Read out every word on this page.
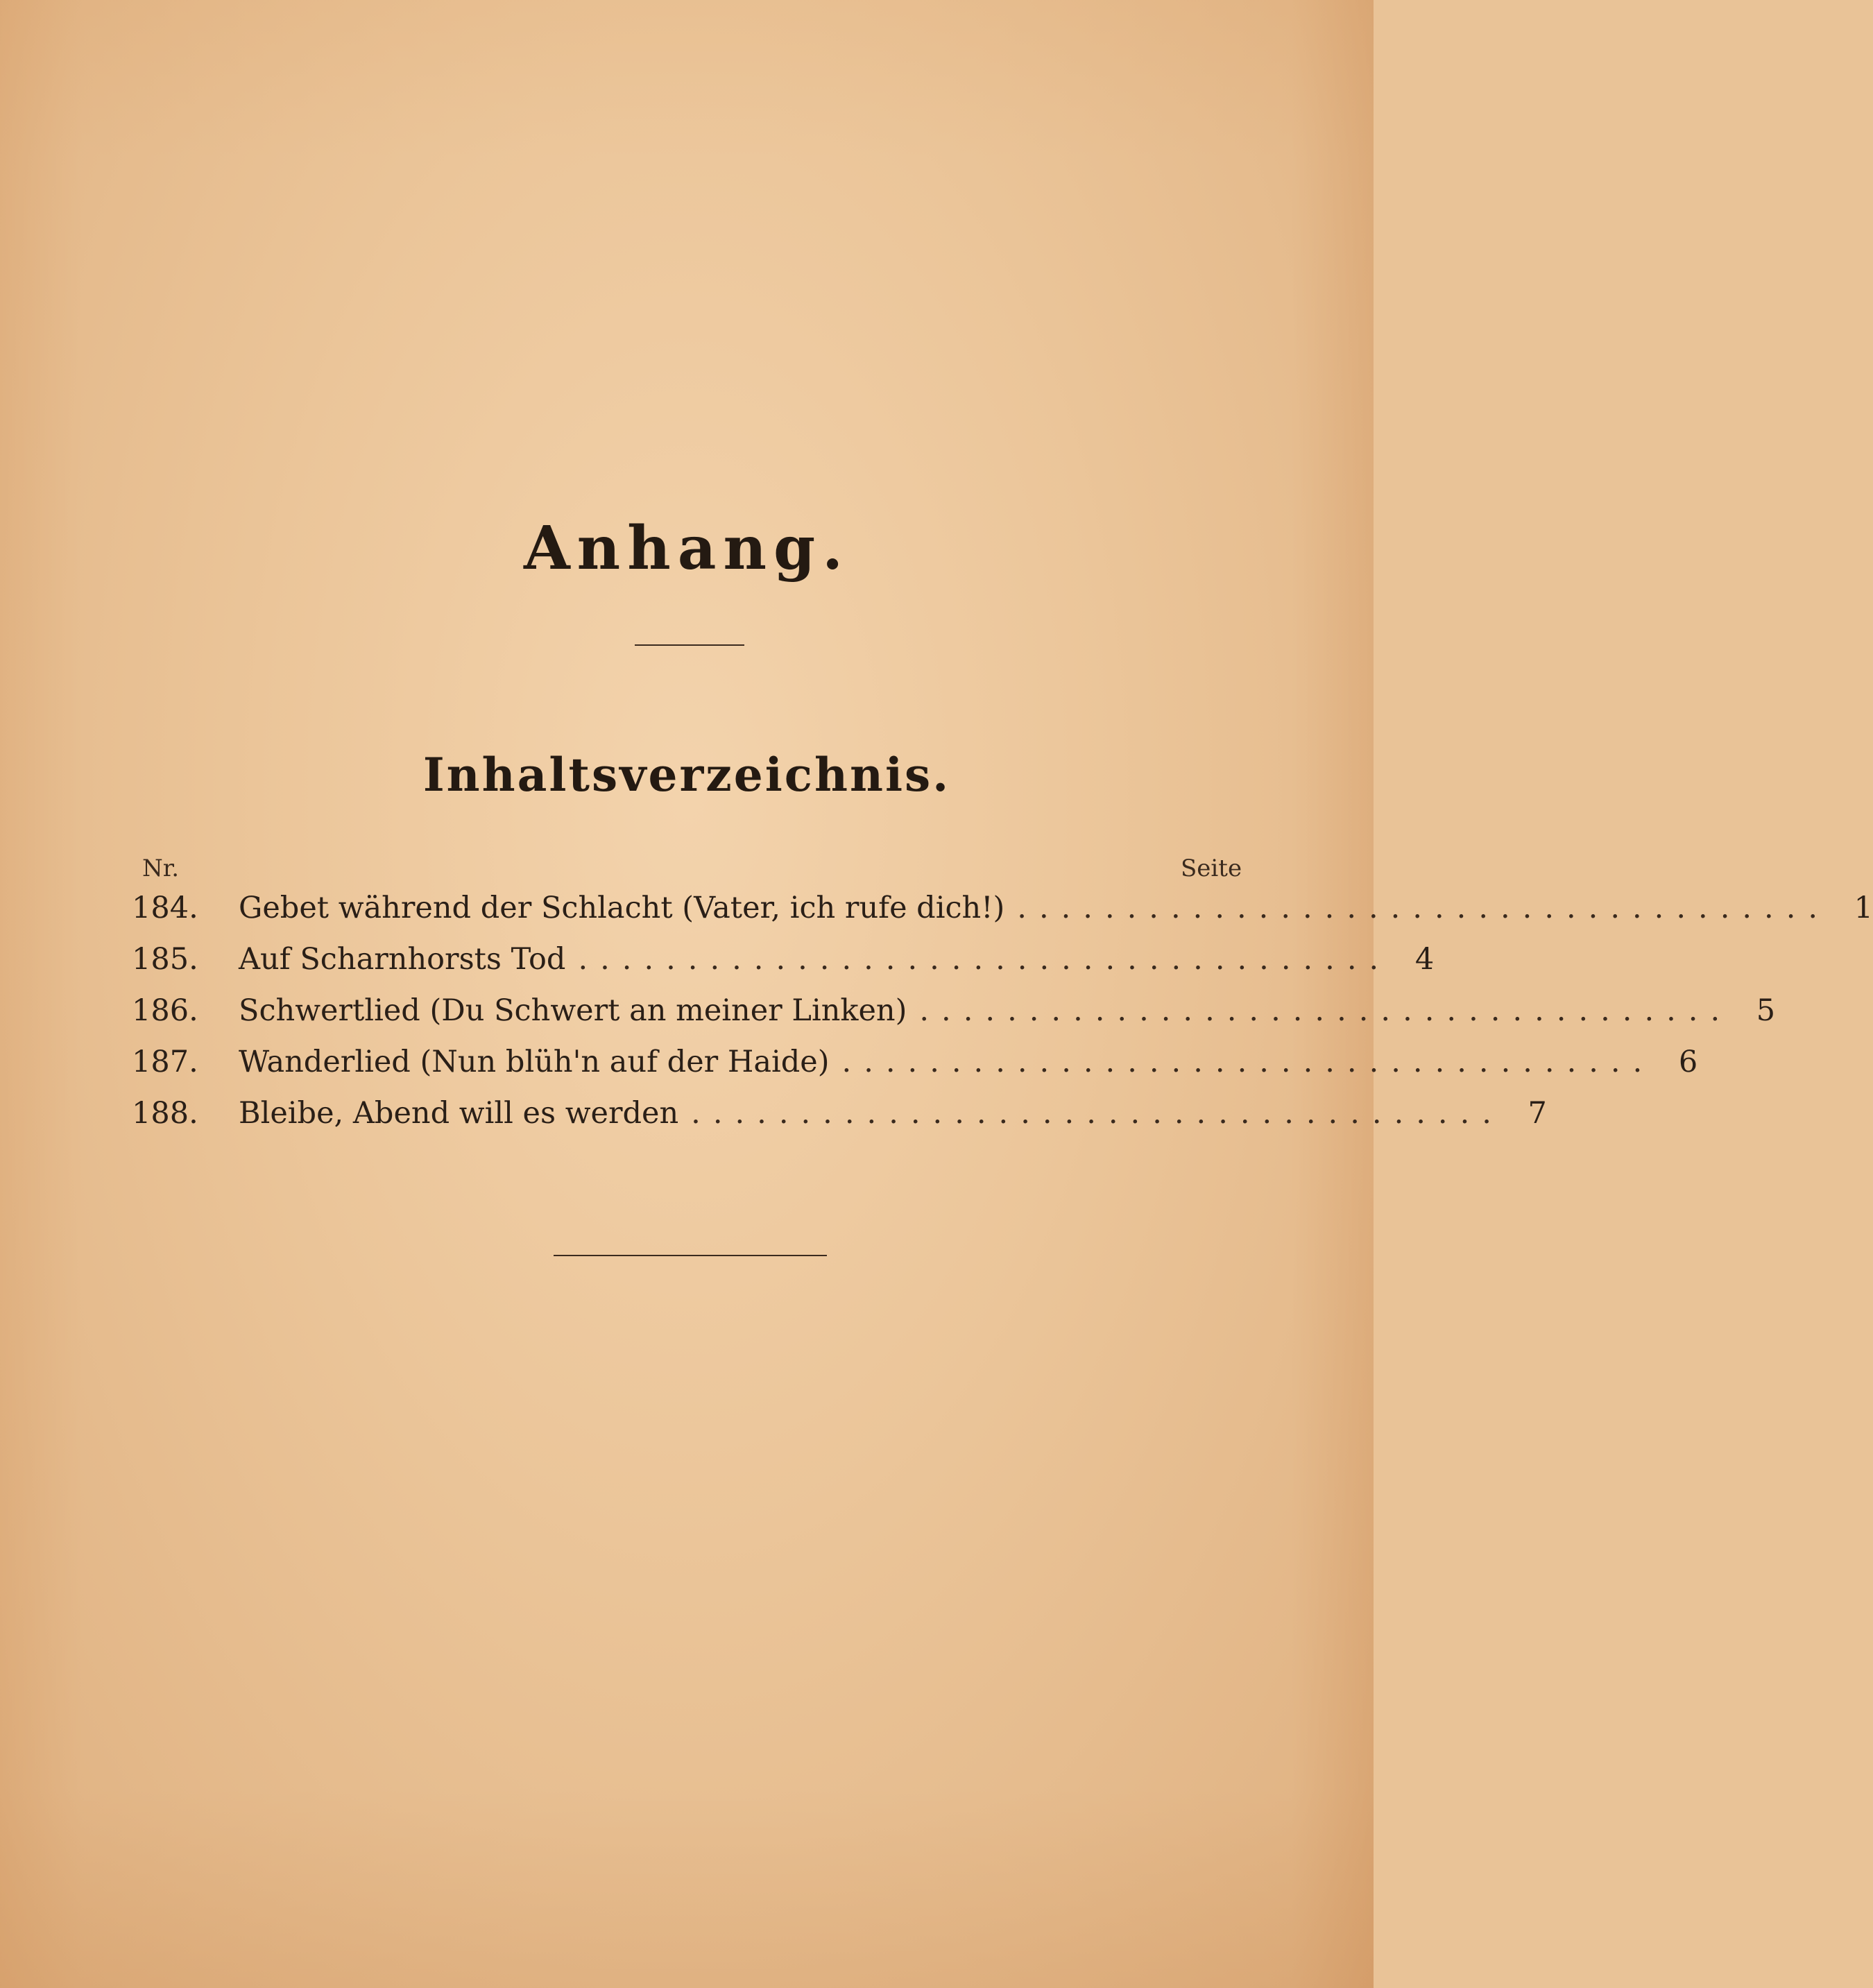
Anhang.
Inhaltsverzeichnis.
Nr.	Seite
184.	Gebet während der Schlacht (Vater, ich rufe dich!) ..................................... 1
185.	Auf Scharnhorsts Tod ..................................... 4
186.	Schwertlied (Du Schwert an meiner Linken) ..................................... 5
187.	Wanderlied (Nun blüh'n auf der Haide) ..................................... 6
188.	Bleibe, Abend will es werden ..................................... 7
